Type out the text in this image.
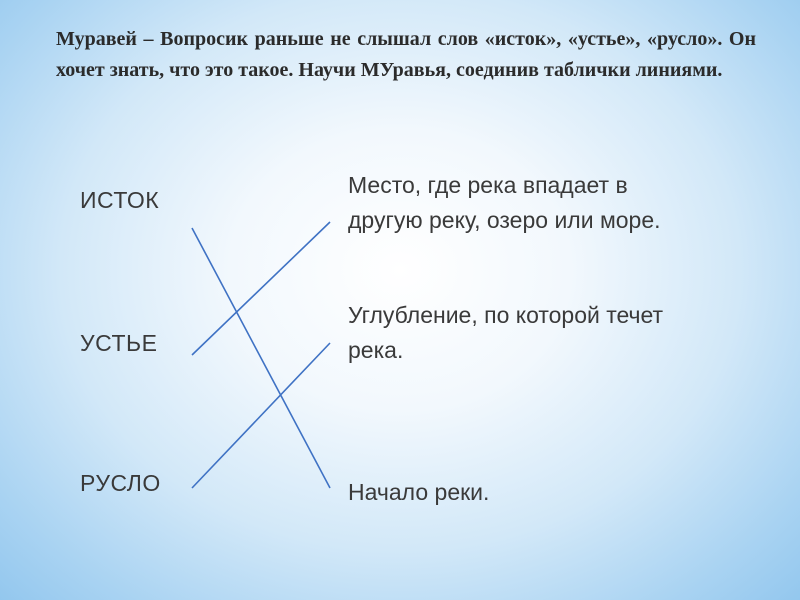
Муравей – Вопросик раньше не слышал слов «исток», «устье», «русло». Он хочет знать, что это такое. Научи МУравья, соединив таблички линиями.

ИСТОК
УСТЬЕ
РУСЛО
Место, где река впадает в
другую реку, озеро или море.
Углубление, по которой течет
река.
Начало реки.
